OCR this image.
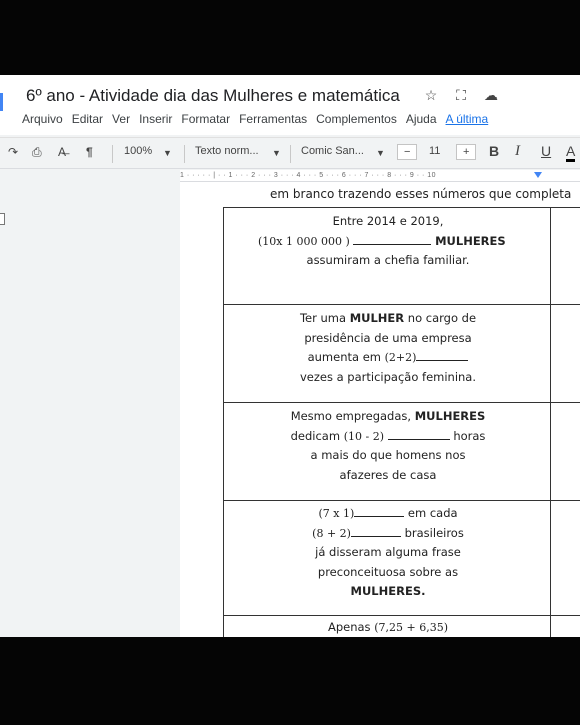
6º ano - Atividade dia das Mulheres e matemática ☆ ⛶ ☁
Arquivo Editar Ver Inserir Formatar Ferramentas Complementos Ajuda A última
↷ ⎙ A̶ ¶	100% ▼ Texto norm... ▼ Comic San... ▼	−	11	+	B I U A
1 · · · · · | · · 1 · · · 2 · · · 3 · · · 4 · · · 5 · · · 6 · · · 7 · · · 8 · · · 9 · · 10
em branco trazendo esses números que completa
Entre 2014 e 2019,
(10x 1 000 000 )	MULHERES
assumiram a chefia familiar.
Ter uma MULHER no cargo de
presidência de uma empresa
aumenta em (2+2)
vezes a participação feminina.
Mesmo empregadas, MULHERES
dedicam (10 - 2)	horas
a mais do que homens nos
afazeres de casa
(7 x 1)	em cada
(8 + 2)	brasileiros
já disseram alguma frase
preconceituosa sobre as
MULHERES.
Apenas (7,25 + 6,35)
